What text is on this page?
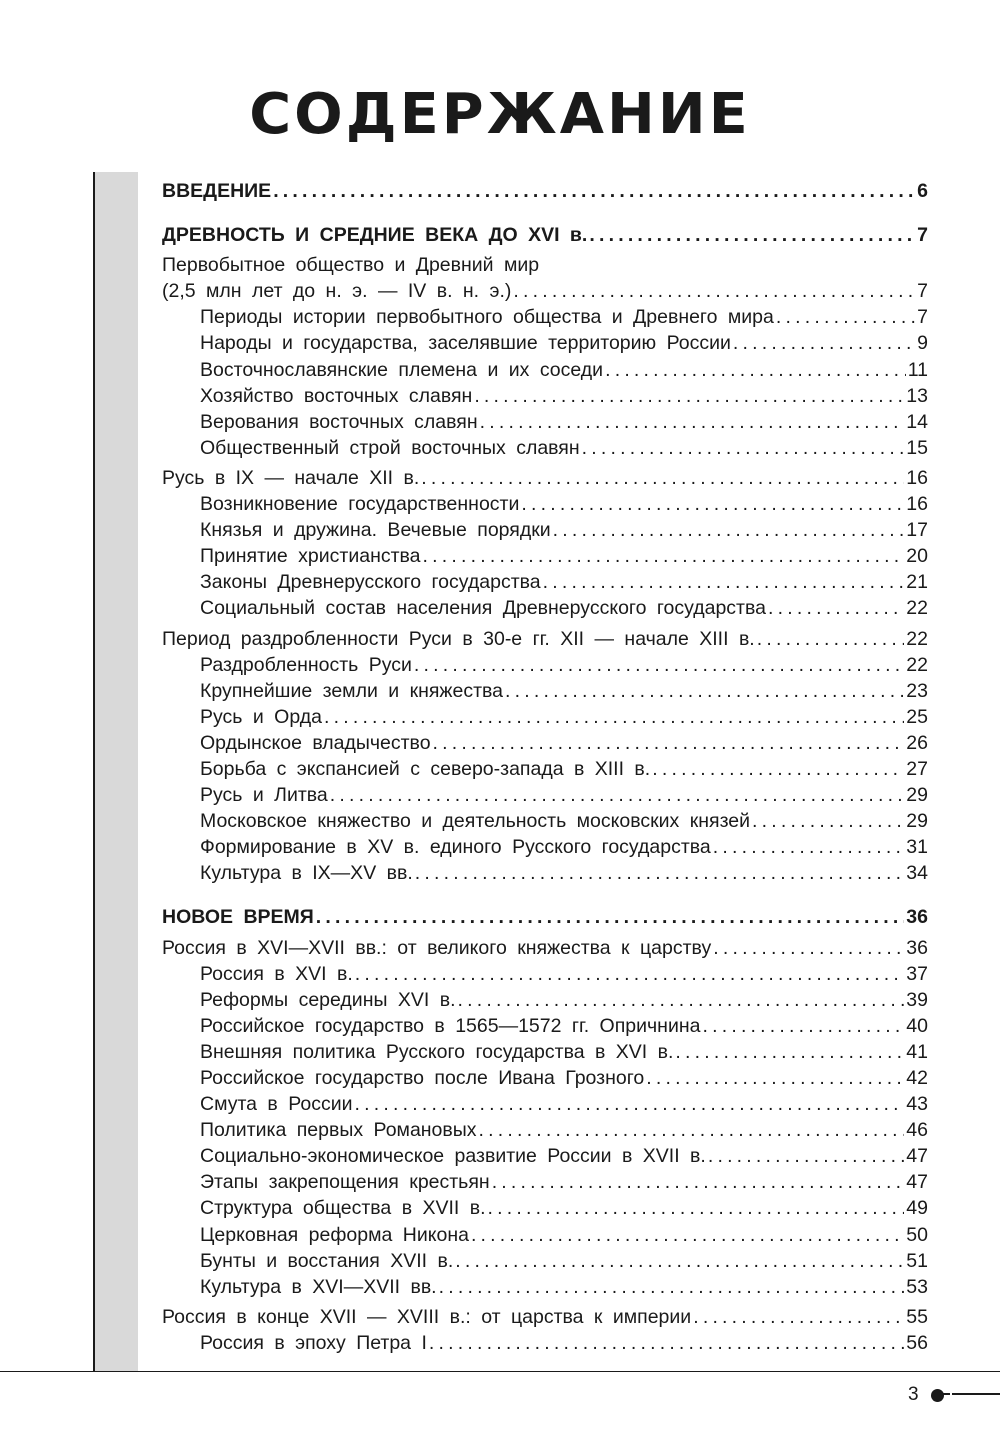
СОДЕРЖАНИЕ
ВВЕДЕНИЕ .....	6
ДРЕВНОСТЬ И СРЕДНИЕ ВЕКА ДО XVI в. .....	7
Первобытное общество и Древний мир
(2,5 млн лет до н. э. — IV в. н. э.) .....	7
Периоды истории первобытного общества и Древнего мира .....	7
Народы и государства, заселявшие территорию России .....	9
Восточнославянские племена и их соседи .....	11
Хозяйство восточных славян .....	13
Верования восточных славян .....	14
Общественный строй восточных славян .....	15
Русь в IX — начале XII в. .....	16
Возникновение государственности .....	16
Князья и дружина. Вечевые порядки .....	17
Принятие христианства .....	20
Законы Древнерусского государства .....	21
Социальный состав населения Древнерусского государства .....	22
Период раздробленности Руси в 30-е гг. XII — начале XIII в. .....	22
Раздробленность Руси .....	22
Крупнейшие земли и княжества .....	23
Русь и Орда .....	25
Ордынское владычество .....	26
Борьба с экспансией с северо-запада в XIII в. .....	27
Русь и Литва .....	29
Московское княжество и деятельность московских князей .....	29
Формирование в XV в. единого Русского государства .....	31
Культура в IX—XV вв. .....	34
НОВОЕ ВРЕМЯ .....	36
Россия в XVI—XVII вв.: от великого княжества к царству .....	36
Россия в XVI в. .....	37
Реформы середины XVI в. .....	39
Российское государство в 1565—1572 гг. Опричнина .....	40
Внешняя политика Русского государства в XVI в. .....	41
Российское государство после Ивана Грозного .....	42
Смута в России .....	43
Политика первых Романовых .....	46
Социально-экономическое развитие России в XVII в. .....	47
Этапы закрепощения крестьян .....	47
Структура общества в XVII в. .....	49
Церковная реформа Никона .....	50
Бунты и восстания XVII в. .....	51
Культура в XVI—XVII вв. .....	53
Россия в конце XVII — XVIII в.: от царства к империи .....	55
Россия в эпоху Петра I .....	56
3
